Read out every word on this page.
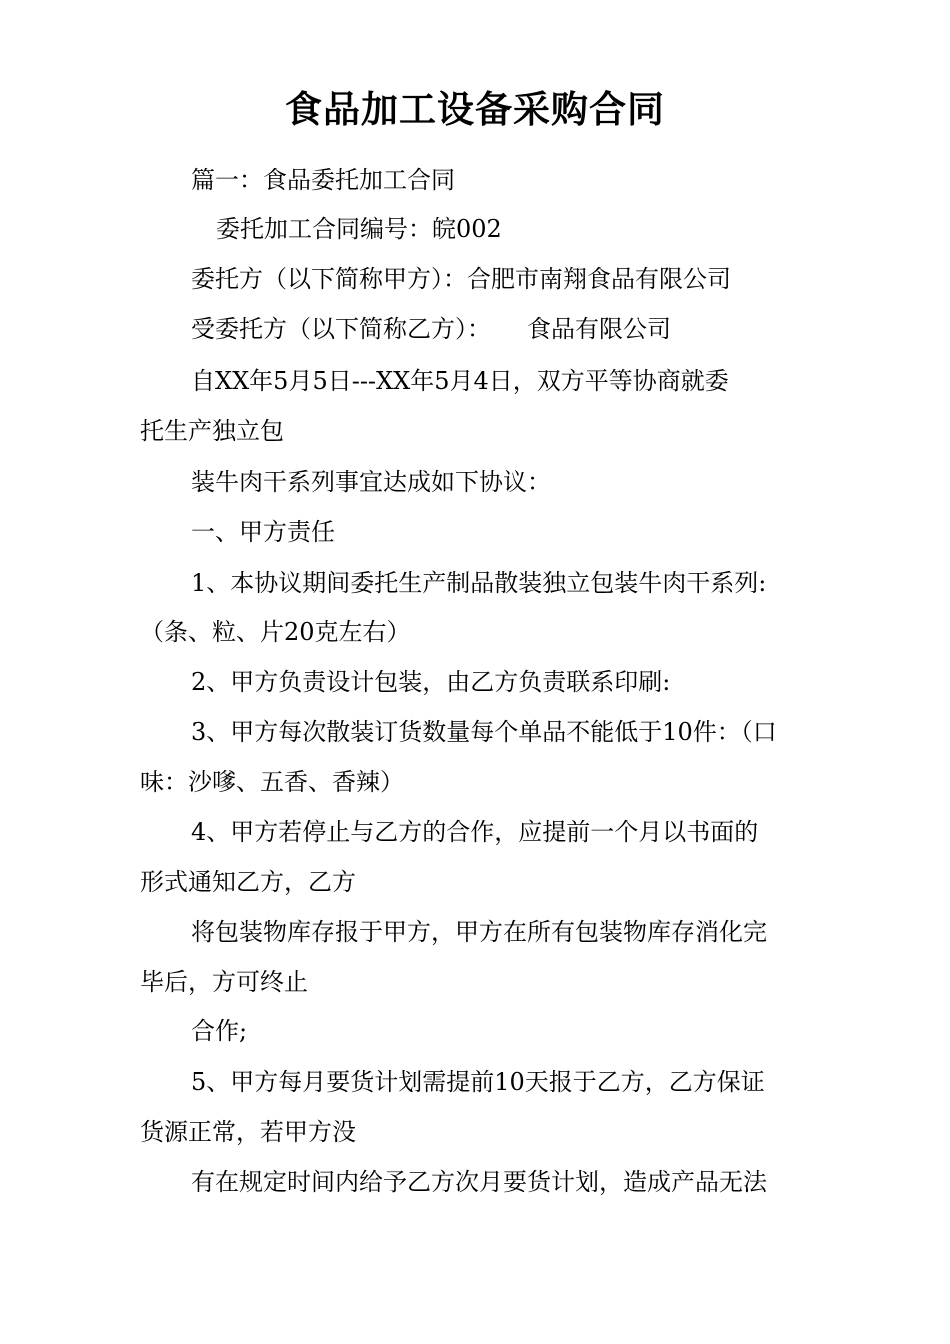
食品加工设备采购合同
篇一：食品委托加工合同
委托加工合同编号：皖002
委托方（以下简称甲方）：合肥市南翔食品有限公司
受委托方（以下简称乙方）：　　食品有限公司
自XX年5月5日---XX年5月4日，双方平等协商就委
托生产独立包
装牛肉干系列事宜达成如下协议：
一、甲方责任
1、本协议期间委托生产制品散装独立包装牛肉干系列:
（条、粒、片20克左右）
2、甲方负责设计包装，由乙方负责联系印刷:
3、甲方每次散装订货数量每个单品不能低于10件：（口
味：沙嗲、五香、香辣）
4、甲方若停止与乙方的合作，应提前一个月以书面的
形式通知乙方，乙方
将包装物库存报于甲方，甲方在所有包装物库存消化完
毕后，方可终止
合作;
5、甲方每月要货计划需提前10天报于乙方，乙方保证
货源正常，若甲方没
有在规定时间内给予乙方次月要货计划，造成产品无法
